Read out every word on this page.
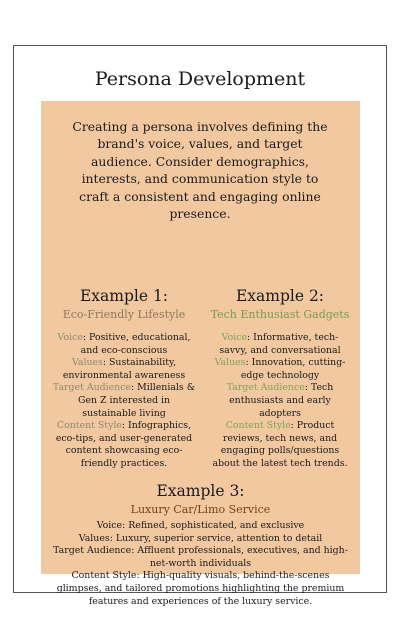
Persona Development
Creating a persona involves defining the brand's voice, values, and target audience. Consider demographics, interests, and communication style to craft a consistent and engaging online presence.
Example 1:
Eco-Friendly Lifestyle
Voice: Positive, educational, and eco-conscious
Values: Sustainability, environmental awareness
Target Audience: Millenials & Gen Z interested in sustainable living
Content Style: Infographics, eco-tips, and user-generated content showcasing eco-friendly practices.
Example 2:
Tech Enthusiast Gadgets
Voice: Informative, tech-savvy, and conversational
Values: Innovation, cutting-edge technology
Target Audience: Tech enthusiasts and early adopters
Content Style: Product reviews, tech news, and engaging polls/questions about the latest tech trends.
Example 3:
Luxury Car/Limo Service
Voice: Refined, sophisticated, and exclusive
Values: Luxury, superior service, attention to detail
Target Audience: Affluent professionals, executives, and high-net-worth individuals
Content Style: High-quality visuals, behind-the-scenes glimpses, and tailored promotions highlighting the premium features and experiences of the luxury service.
